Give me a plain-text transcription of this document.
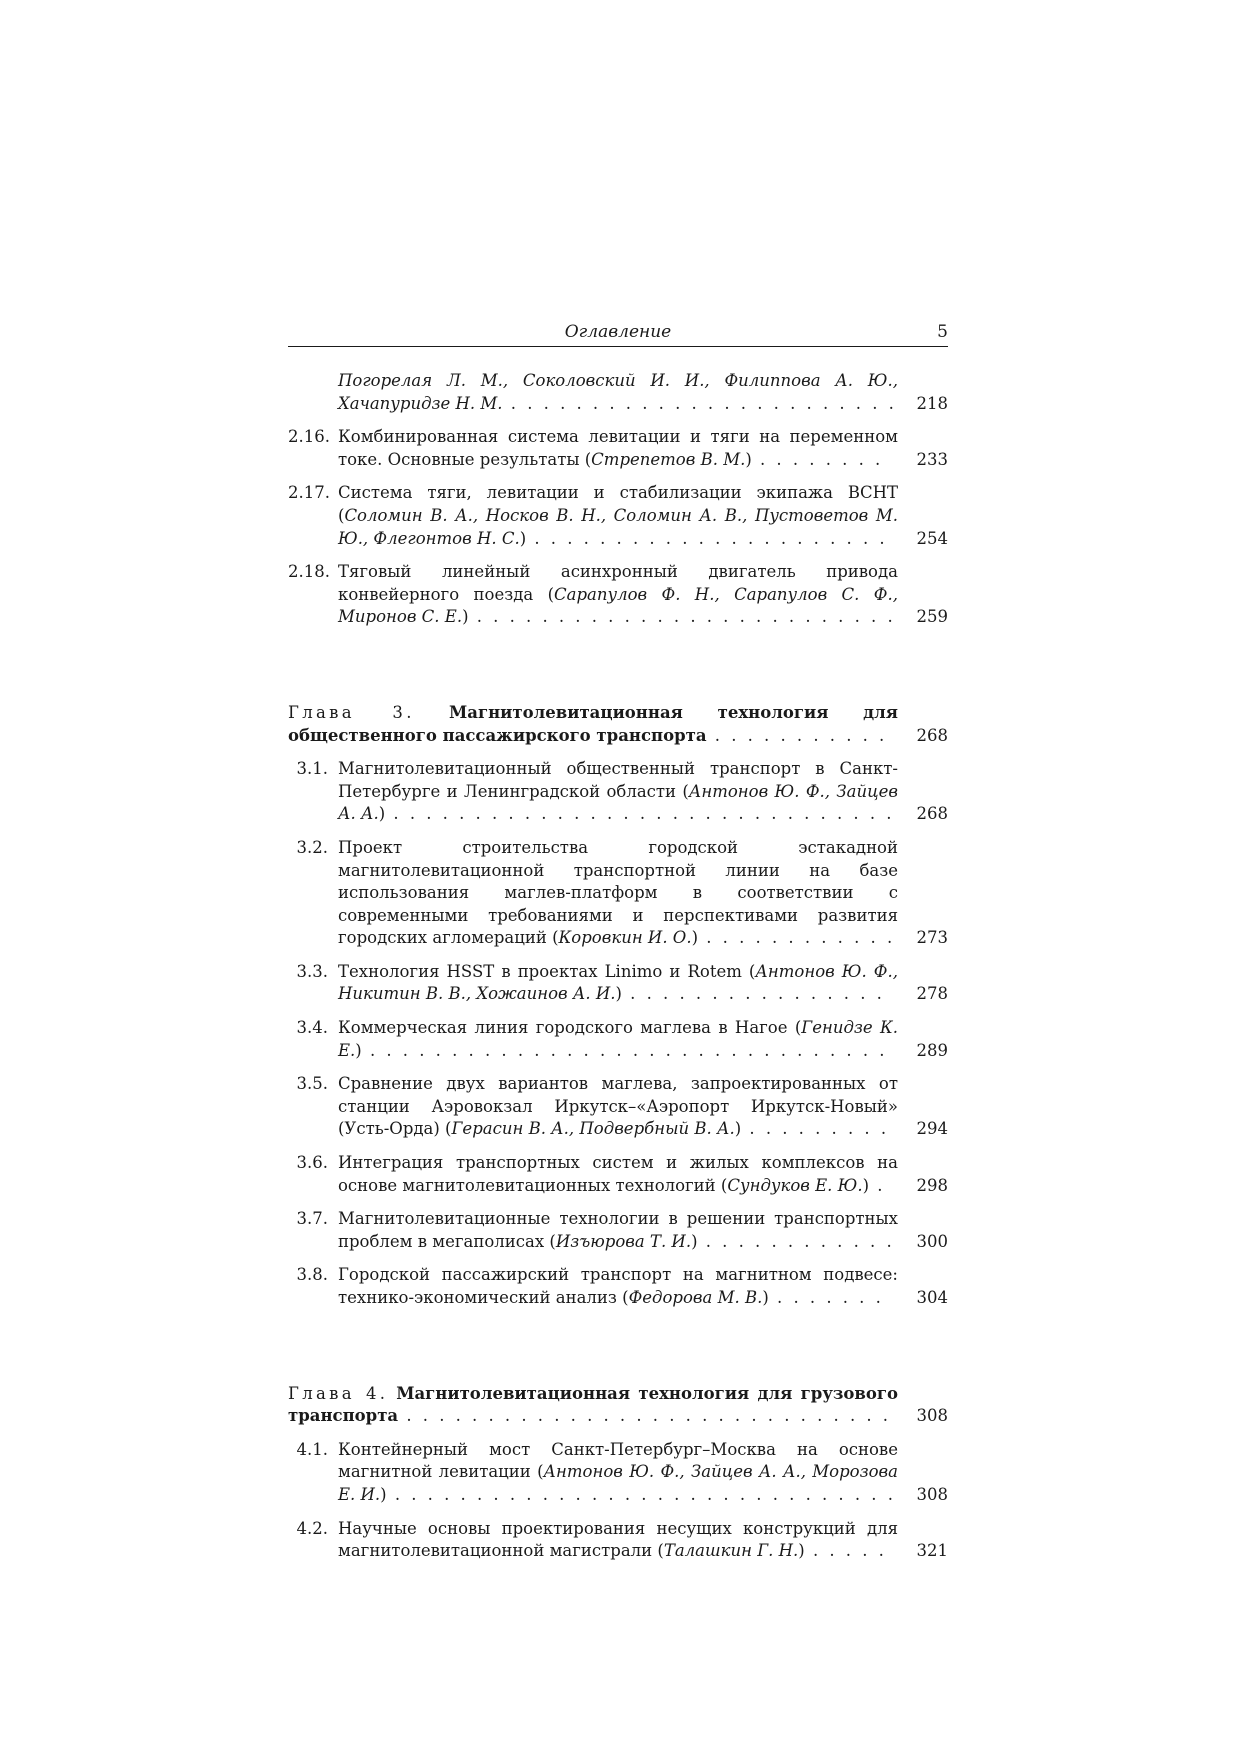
Оглавление	5
Погорелая Л. М., Соколовский И. И., Филиппова А. Ю., Хачапуридзе Н. М. . . . . . . . . . . . . . . . . . . . . . . . .	218
2.16. Комбинированная система левитации и тяги на переменном токе. Основные результаты (Стрепетов В. М.) . . . . . . . .	233
2.17. Система тяги, левитации и стабилизации экипажа ВСНТ (Соломин В. А., Носков В. Н., Соломин А. В., Пустоветов М. Ю., Флегонтов Н. С.) . . . . . . . . . . . . . . . . . . . . . .	254
2.18. Тяговый линейный асинхронный двигатель привода конвейерного поезда (Сарапулов Ф. Н., Сарапулов С. Ф., Миронов С. Е.) . . . . . . . . . . . . . . . . . . . . . . . . . .	259
Глава 3. Магнитолевитационная технология для общественного пассажирского транспорта . . . . . . . . . . .	268
3.1. Магнитолевитационный общественный транспорт в Санкт-Петербурге и Ленинградской области (Антонов Ю. Ф., Зайцев А. А.) . . . . . . . . . . . . . . . . . . . . . . . . . . . . . . .	268
3.2. Проект строительства городской эстакадной магнитолевитационной транспортной линии на базе использования маглев-платформ в соответствии с современными требованиями и перспективами развития городских агломераций (Коровкин И. О.) . . . . . . . . . . . .	273
3.3. Технология HSST в проектах Linimo и Rotem (Антонов Ю. Ф., Никитин В. В., Хожаинов А. И.) . . . . . . . . . . . . . . . .	278
3.4. Коммерческая линия городского маглева в Нагое (Генидзе К. Е.) . . . . . . . . . . . . . . . . . . . . . . . . . . . . . . . .	289
3.5. Сравнение двух вариантов маглева, запроектированных от станции Аэровокзал Иркутск–«Аэропорт Иркутск-Новый» (Усть-Орда) (Герасин В. А., Подвербный В. А.) . . . . . . . . .	294
3.6. Интеграция транспортных систем и жилых комплексов на основе магнитолевитационных технологий (Сундуков Е. Ю.) .	298
3.7. Магнитолевитационные технологии в решении транспортных проблем в мегаполисах (Изъюрова Т. И.) . . . . . . . . . . . .	300
3.8. Городской пассажирский транспорт на магнитном подвесе: технико-экономический анализ (Федорова М. В.) . . . . . . .	304
Глава 4. Магнитолевитационная технология для грузового транспорта . . . . . . . . . . . . . . . . . . . . . . . . . . . . . .	308
4.1. Контейнерный мост Санкт-Петербург–Москва на основе магнитной левитации (Антонов Ю. Ф., Зайцев А. А., Морозова Е. И.) . . . . . . . . . . . . . . . . . . . . . . . . . . . . . . .	308
4.2. Научные основы проектирования несущих конструкций для магнитолевитационной магистрали (Талашкин Г. Н.) . . . . .	321
